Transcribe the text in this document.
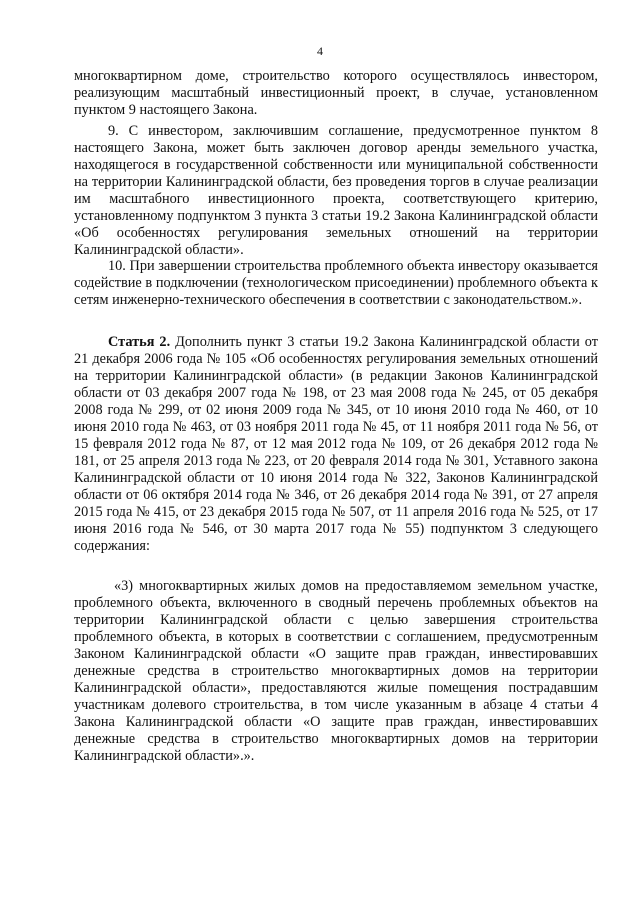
4

многоквартирном доме, строительство которого осуществлялось инвестором, реализующим масштабный инвестиционный проект, в случае, установленном пунктом 9 настоящего Закона.

9. С инвестором, заключившим соглашение, предусмотренное пунктом 8 настоящего Закона, может быть заключен договор аренды земельного участка, находящегося в государственной собственности или муниципальной собственности на территории Калининградской области, без проведения торгов в случае реализации им масштабного инвестиционного проекта, соответствующего критерию, установленному подпунктом 3 пункта 3 статьи 19.2 Закона Калининградской области «Об особенностях регулирования земельных отношений на территории Калининградской области».

10. При завершении строительства проблемного объекта инвестору оказывается содействие в подключении (технологическом присоединении) проблемного объекта к сетям инженерно-технического обеспечения в соответствии с законодательством.».

Статья 2. Дополнить пункт 3 статьи 19.2 Закона Калининградской области от 21 декабря 2006 года № 105 «Об особенностях регулирования земельных отношений на территории Калининградской области» (в редакции Законов Калининградской области от 03 декабря 2007 года № 198, от 23 мая 2008 года № 245, от 05 декабря 2008 года № 299, от 02 июня 2009 года № 345, от 10 июня 2010 года № 460, от 10 июня 2010 года № 463, от 03 ноября 2011 года № 45, от 11 ноября 2011 года № 56, от 15 февраля 2012 года № 87, от 12 мая 2012 года № 109, от 26 декабря 2012 года № 181, от 25 апреля 2013 года № 223, от 20 февраля 2014 года № 301, Уставного закона Калининградской области от 10 июня 2014 года № 322, Законов Калининградской области от 06 октября 2014 года № 346, от 26 декабря 2014 года № 391, от 27 апреля 2015 года № 415, от 23 декабря 2015 года № 507, от 11 апреля 2016 года № 525, от 17 июня 2016 года № 546, от 30 марта 2017 года № 55) подпунктом 3 следующего содержания:

«3) многоквартирных жилых домов на предоставляемом земельном участке, проблемного объекта, включенного в сводный перечень проблемных объектов на территории Калининградской области с целью завершения строительства проблемного объекта, в которых в соответствии с соглашением, предусмотренным Законом Калининградской области «О защите прав граждан, инвестировавших денежные средства в строительство многоквартирных домов на территории Калининградской области», предоставляются жилые помещения пострадавшим участникам долевого строительства, в том числе указанным в абзаце 4 статьи 4 Закона Калининградской области «О защите прав граждан, инвестировавших денежные средства в строительство многоквартирных домов на территории Калининградской области».».
